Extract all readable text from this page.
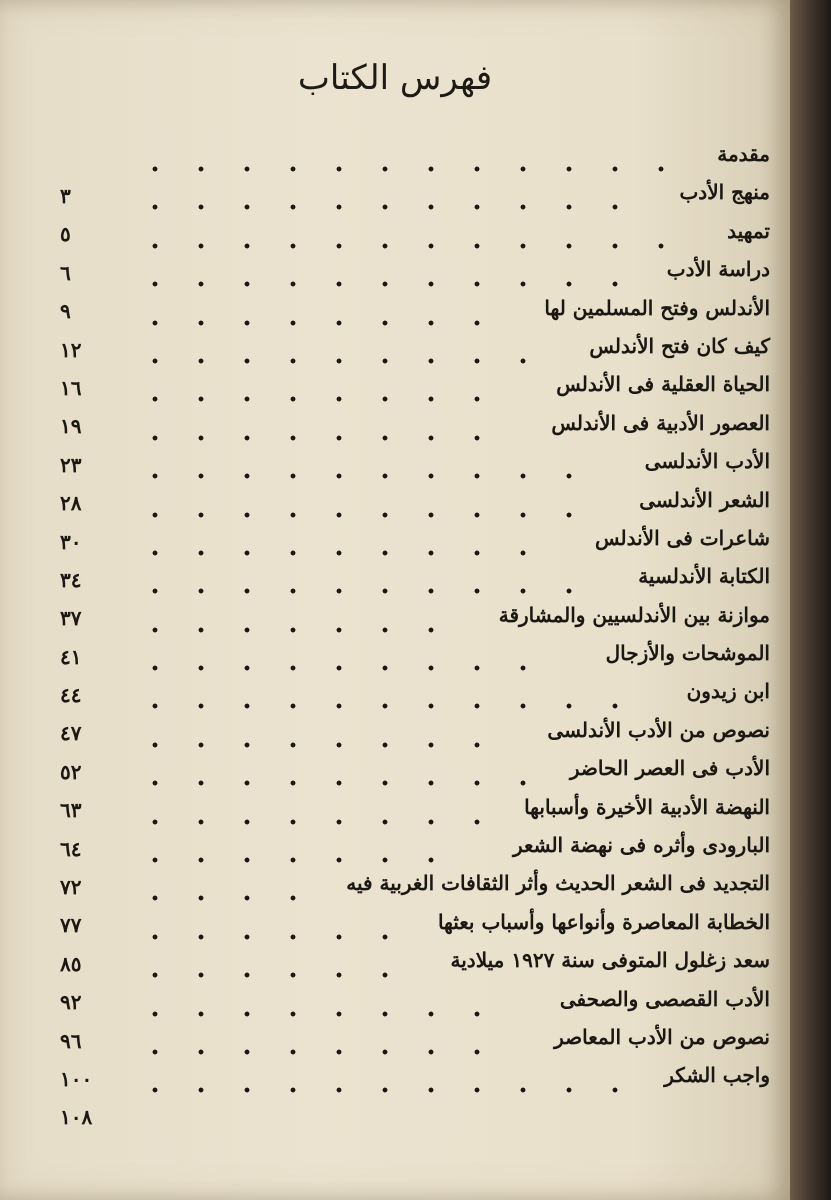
فهرس الكتاب
مقدمة
٣	منهج الأدب
٥	تمهيد
٦	دراسة الأدب
٩	الأندلس وفتح المسلمين لها
١٢	كيف كان فتح الأندلس
١٦	الحياة العقلية فى الأندلس
١٩	العصور الأدبية فى الأندلس
٢٣	الأدب الأندلسى
٢٨	الشعر الأندلسى
٣٠	شاعرات فى الأندلس
٣٤	الكتابة الأندلسية
٣٧	موازنة بين الأندلسيين والمشارقة
٤١	الموشحات والأزجال
٤٤	ابن زيدون
٤٧	نصوص من الأدب الأندلسى
٥٢	الأدب فى العصر الحاضر
٦٣	النهضة الأدبية الأخيرة وأسبابها
٦٤	البارودى وأثره فى نهضة الشعر
٧٢	التجديد فى الشعر الحديث وأثر الثقافات الغربية فيه
٧٧	الخطابة المعاصرة وأنواعها وأسباب بعثها
٨٥	سعد زغلول المتوفى سنة ١٩٢٧ ميلادية
٩٢	الأدب القصصى والصحفى
٩٦	نصوص من الأدب المعاصر
١٠٠	واجب الشكر
١٠٨
